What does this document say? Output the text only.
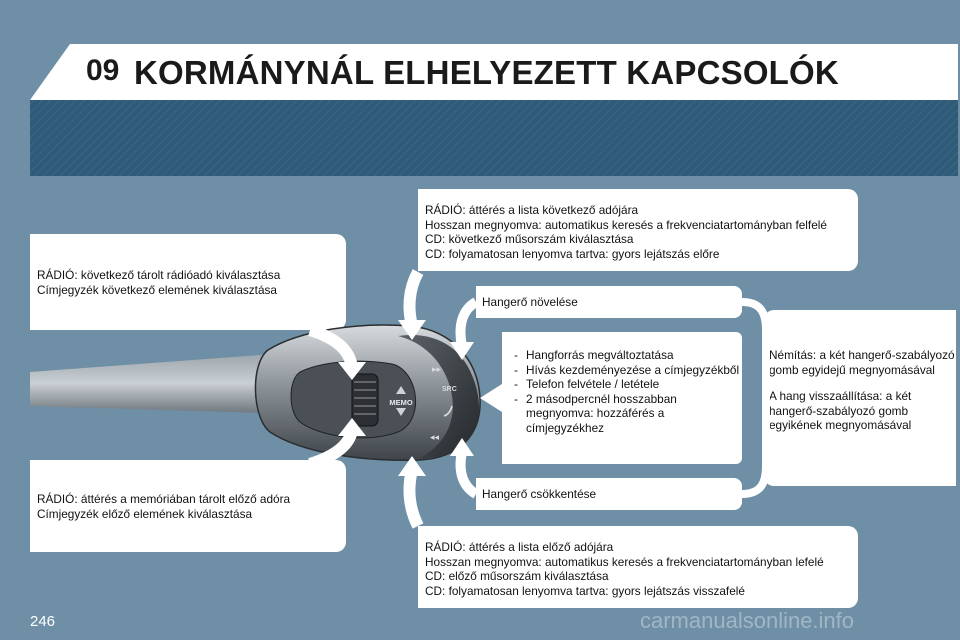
09 KORMÁNYNÁL ELHELYEZETT KAPCSOLÓK

RÁDIÓ: áttérés a lista következő adójára

Hosszan megnyomva: automatikus keresés a frekvenciatartományban felfelé

CD: következő műsorszám kiválasztása

CD: folyamatosan lenyomva tartva: gyors lejátszás előre

RÁDIÓ: következő tárolt rádióadó kiválasztása

Címjegyzék következő elemének kiválasztása

Hangerő növelése

- Hangforrás megváltoztatása
- Hívás kezdeményezése a címjegyzékből
- Telefon felvétele / letétele
- 2 másodpercnél hosszabban megnyomva: hozzáférés a címjegyzékhez

Némítás: a két hangerő-szabályozó gomb egyidejű megnyomásával

A hang visszaállítása: a két hangerő-szabályozó gomb egyikének megnyomásával

Hangerő csökkentése

RÁDIÓ: áttérés a memóriában tárolt előző adóra

Címjegyzék előző elemének kiválasztása

RÁDIÓ: áttérés a lista előző adójára

Hosszan megnyomva: automatikus keresés a frekvenciatartományban lefelé

CD: előző műsorszám kiválasztása

CD: folyamatosan lenyomva tartva: gyors lejátszás visszafelé

MEMO
▸▸
SRC
◂◂
246	carmanualsonline.info
